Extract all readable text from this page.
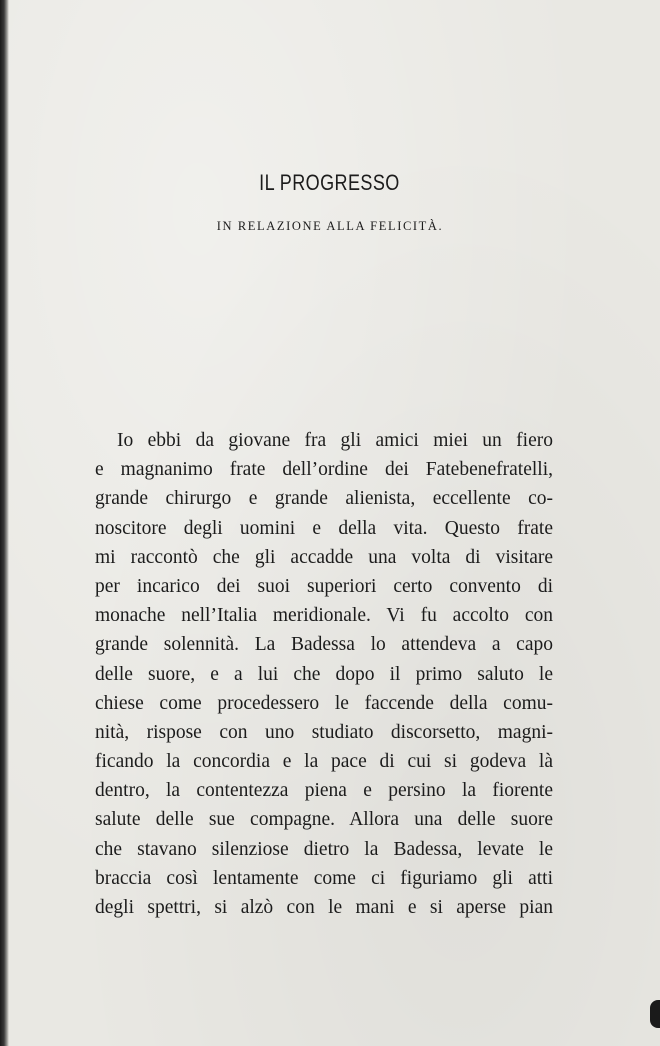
IL PROGRESSO
IN RELAZIONE ALLA FELICITÀ.
Io ebbi da giovane fra gli amici miei un fiero
e magnanimo frate dell’ordine dei Fatebenefratelli,
grande chirurgo e grande alienista, eccellente co-
noscitore degli uomini e della vita. Questo frate
mi raccontò che gli accadde una volta di visitare
per incarico dei suoi superiori certo convento di
monache nell’Italia meridionale. Vi fu accolto con
grande solennità. La Badessa lo attendeva a capo
delle suore, e a lui che dopo il primo saluto le
chiese come procedessero le faccende della comu-
nità, rispose con uno studiato discorsetto, magni-
ficando la concordia e la pace di cui si godeva là
dentro, la contentezza piena e persino la fiorente
salute delle sue compagne. Allora una delle suore
che stavano silenziose dietro la Badessa, levate le
braccia così lentamente come ci figuriamo gli atti
degli spettri, si alzò con le mani e si aperse pian
